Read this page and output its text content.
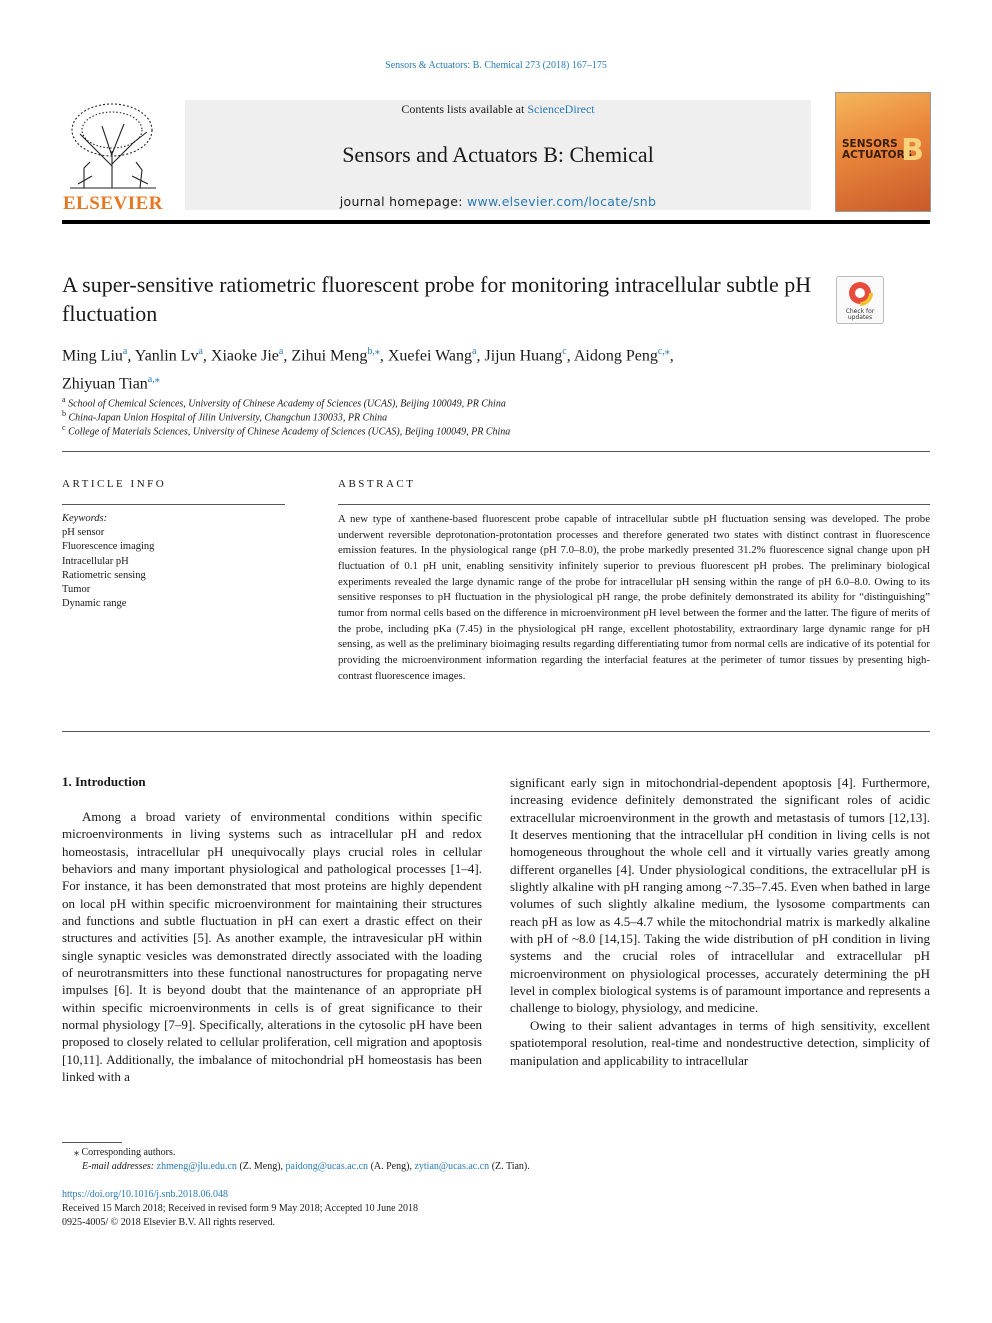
Sensors & Actuators: B. Chemical 273 (2018) 167–175
ELSEVIER
Contents lists available at ScienceDirect
Sensors and Actuators B: Chemical
journal homepage: www.elsevier.com/locate/snb
SENSORS
ACTUATORS
B
A super-sensitive ratiometric fluorescent probe for monitoring intracellular subtle pH fluctuation	Check for
updates
Ming Liu$^a$, Yanlin Lv$^a$, Xiaoke Jie$^a$, Zihui Meng$^{b,⁎}$, Xuefei Wang$^a$, Jijun Huang$^c$, Aidong Peng$^{c,⁎}$,
Zhiyuan Tian$^{a,⁎}$
$^a$ School of Chemical Sciences, University of Chinese Academy of Sciences (UCAS), Beijing 100049, PR China
$^b$ China-Japan Union Hospital of Jilin University, Changchun 130033, PR China
$^c$ College of Materials Sciences, University of Chinese Academy of Sciences (UCAS), Beijing 100049, PR China
ARTICLE INFO
Keywords:
pH sensor
Fluorescence imaging
Intracellular pH
Ratiometric sensing
Tumor
Dynamic range
ABSTRACT
A new type of xanthene-based fluorescent probe capable of intracellular subtle pH fluctuation sensing was developed. The probe underwent reversible deprotonation-protontation processes and therefore generated two states with distinct contrast in fluorescence emission features. In the physiological range (pH 7.0–8.0), the probe markedly presented 31.2% fluorescence signal change upon pH fluctuation of 0.1 pH unit, enabling sensitivity infinitely superior to previous fluorescent pH probes. The preliminary biological experiments revealed the large dynamic range of the probe for intracellular pH sensing within the range of pH 6.0–8.0. Owing to its sensitive responses to pH fluctuation in the physiological pH range, the probe definitely demonstrated its ability for “distinguishing” tumor from normal cells based on the difference in microenvironment pH level between the former and the latter. The figure of merits of the probe, including pKa (7.45) in the physiological pH range, excellent photostability, extraordinary large dynamic range for pH sensing, as well as the preliminary bioimaging results regarding differentiating tumor from normal cells are indicative of its potential for providing the microenvironment information regarding the interfacial features at the perimeter of tumor tissues by presenting high-contrast fluorescence images.
1. Introduction

Among a broad variety of environmental conditions within specific microenvironments in living systems such as intracellular pH and redox homeostasis, intracellular pH unequivocally plays crucial roles in cellular behaviors and many important physiological and pathological processes [1–4]. For instance, it has been demonstrated that most proteins are highly dependent on local pH within specific microenvironment for maintaining their structures and functions and subtle fluctuation in pH can exert a drastic effect on their structures and activities [5]. As another example, the intravesicular pH within single synaptic vesicles was demonstrated directly associated with the loading of neurotransmitters into these functional nanostructures for propagating nerve impulses [6]. It is beyond doubt that the maintenance of an appropriate pH within specific microenvironments in cells is of great significance to their normal physiology [7–9]. Specifically, alterations in the cytosolic pH have been proposed to closely related to cellular proliferation, cell migration and apoptosis [10,11]. Additionally, the imbalance of mitochondrial pH homeostasis has been linked with a

significant early sign in mitochondrial-dependent apoptosis [4]. Furthermore, increasing evidence definitely demonstrated the significant roles of acidic extracellular microenvironment in the growth and metastasis of tumors [12,13]. It deserves mentioning that the intracellular pH condition in living cells is not homogeneous throughout the whole cell and it virtually varies greatly among different organelles [4]. Under physiological conditions, the extracellular pH is slightly alkaline with pH ranging among ~7.35–7.45. Even when bathed in large volumes of such slightly alkaline medium, the lysosome compartments can reach pH as low as 4.5–4.7 while the mitochondrial matrix is markedly alkaline with pH of ~8.0 [14,15]. Taking the wide distribution of pH condition in living systems and the crucial roles of intracellular and extracellular pH microenvironment on physiological processes, accurately determining the pH level in complex biological systems is of paramount importance and represents a challenge to biology, physiology, and medicine.

Owing to their salient advantages in terms of high sensitivity, excellent spatiotemporal resolution, real-time and nondestructive detection, simplicity of manipulation and applicability to intracellular

⁎ Corresponding authors.
E-mail addresses: zhmeng@jlu.edu.cn (Z. Meng), paidong@ucas.ac.cn (A. Peng), zytian@ucas.ac.cn (Z. Tian).
https://doi.org/10.1016/j.snb.2018.06.048
Received 15 March 2018; Received in revised form 9 May 2018; Accepted 10 June 2018
0925-4005/ © 2018 Elsevier B.V. All rights reserved.
